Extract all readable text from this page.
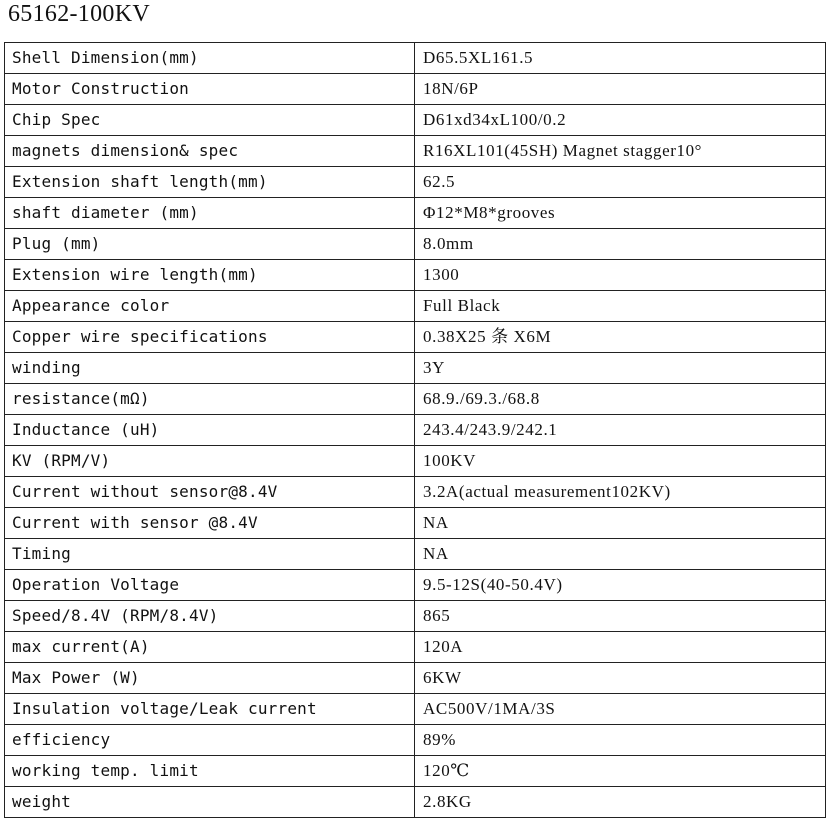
65162-100KV
Shell Dimension(mm)	D65.5XL161.5
Motor Construction	18N/6P
Chip Spec	D61xd34xL100/0.2
magnets dimension& spec	R16XL101(45SH) Magnet stagger10°
Extension shaft length(mm)	62.5
shaft diameter (mm)	Φ12*M8*grooves
Plug (mm)	8.0mm
Extension wire length(mm)	1300
Appearance color	Full Black
Copper wire specifications	0.38X25 条 X6M
winding	3Y
resistance(mΩ)	68.9./69.3./68.8
Inductance (uH)	243.4/243.9/242.1
KV (RPM/V)	100KV
Current without sensor@8.4V	3.2A(actual measurement102KV)
Current with sensor @8.4V	NA
Timing	NA
Operation Voltage	9.5-12S(40-50.4V)
Speed/8.4V (RPM/8.4V)	865
max current(A)	120A
Max Power (W)	6KW
Insulation voltage/Leak current	AC500V/1MA/3S
efficiency	89%
working temp. limit	120℃
weight	2.8KG
